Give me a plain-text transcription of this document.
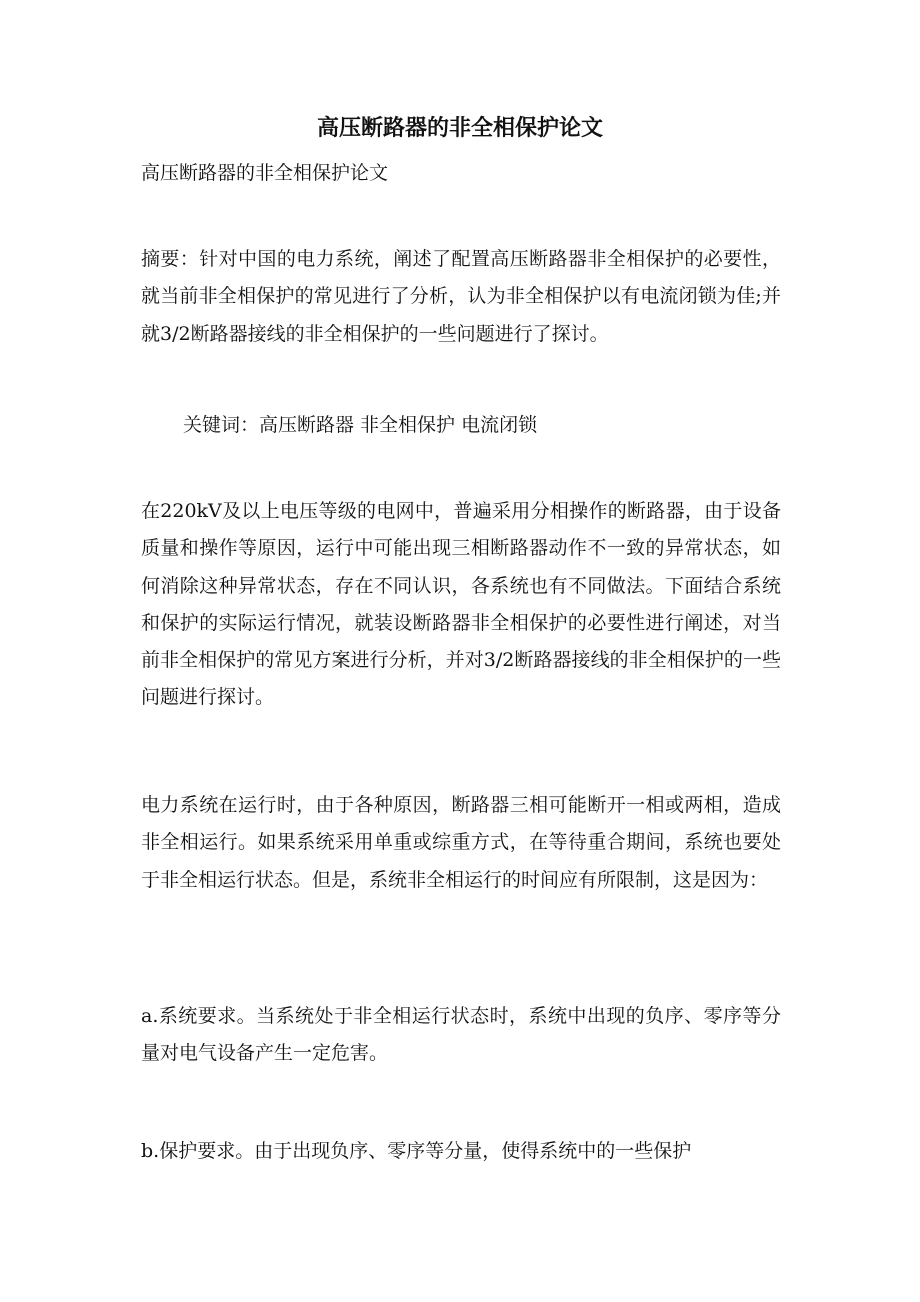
高压断路器的非全相保护论文

高压断路器的非全相保护论文

摘要：针对中国的电力系统，阐述了配置高压断路器非全相保护的必要性，就当前非全相保护的常见进行了分析，认为非全相保护以有电流闭锁为佳;并就3/2断路器接线的非全相保护的一些问题进行了探讨。

关键词：高压断路器 非全相保护 电流闭锁

在220kV及以上电压等级的电网中，普遍采用分相操作的断路器，由于设备质量和操作等原因，运行中可能出现三相断路器动作不一致的异常状态，如何消除这种异常状态，存在不同认识，各系统也有不同做法。下面结合系统和保护的实际运行情况，就装设断路器非全相保护的必要性进行阐述，对当前非全相保护的常见方案进行分析，并对3/2断路器接线的非全相保护的一些问题进行探讨。

电力系统在运行时，由于各种原因，断路器三相可能断开一相或两相，造成非全相运行。如果系统采用单重或综重方式，在等待重合期间，系统也要处于非全相运行状态。但是，系统非全相运行的时间应有所限制，这是因为：

a.系统要求。当系统处于非全相运行状态时，系统中出现的负序、零序等分量对电气设备产生一定危害。

b.保护要求。由于出现负序、零序等分量，使得系统中的一些保护
